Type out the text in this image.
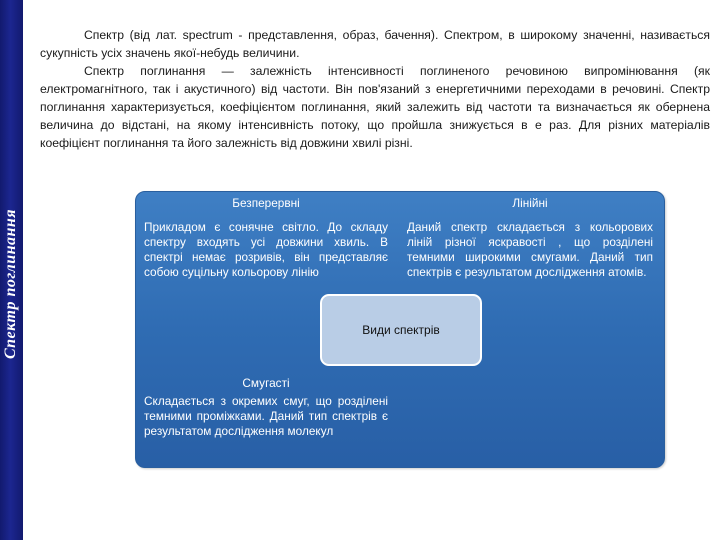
Спектр поглинання

Спектр (від лат. spectrum - представлення, образ, бачення). Спектром, в широкому значенні, називається сукупність усіх значень якої-небудь величини.

Спектр поглинання — залежність інтенсивності поглиненого речовиною випромінювання (як електромагнітного, так і акустичного) від частоти. Він пов'язаний з енергетичними переходами в речовині. Спектр поглинання характеризується, коефіцієнтом поглинання, який залежить від частоти та визначається як обернена величина до відстані, на якому інтенсивність потоку, що пройшла знижується в e раз. Для різних матеріалів коефіцієнт поглинання та його залежність від довжини хвилі різні.

Безперервні
Прикладом є сонячне світло. До складу спектру входять усі довжини хвиль. В спектрі немає розривів, він представляє собою суцільну кольорову лінію
Лінійні
Даний спектр складається з кольорових ліній різної яскравості , що розділені темними широкими смугами. Даний тип спектрів є результатом дослідження атомів.
Смугасті
Складається з окремих смуг, що розділені темними проміжками. Даний тип спектрів є результатом дослідження молекул
Види спектрів
